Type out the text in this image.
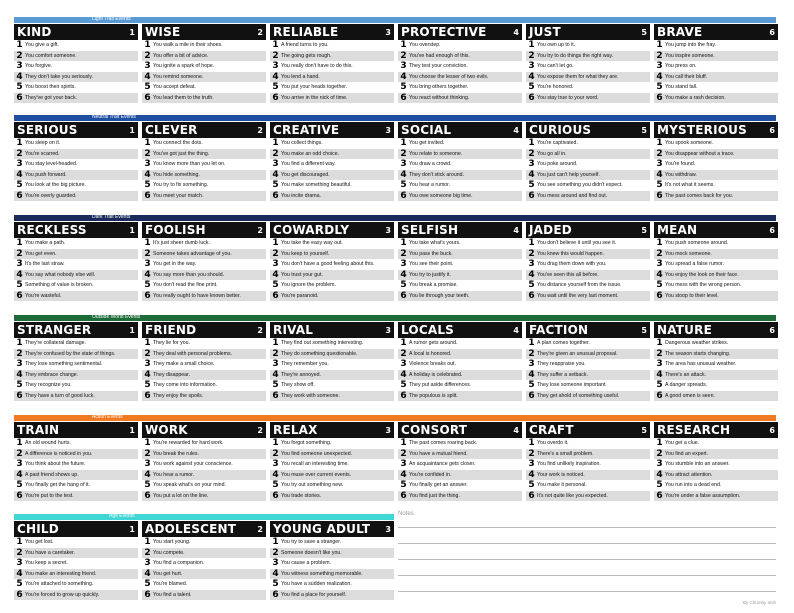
Light Trait Events
KIND	1
1 You give a gift.
2 You comfort someone.
3 You forgive.
4 They don't take you seriously.
5 You boost their spirits.
6 They've got your back.
WISE	2
1 You walk a mile in their shoes.
2 You offer a bit of advice.
3 You ignite a spark of hope.
4 You remind someone.
5 You accept defeat.
6 You lead them to the truth.
RELIABLE	3
1 A friend turns to you.
2 The going gets rough.
3 You really don't have to do this.
4 You lend a hand.
5 You put your heads together.
6 You arrive in the nick of time.
PROTECTIVE	4
1 You overstep.
2 You've had enough of this.
3 They test your conviction.
4 You choose the lesser of two evils.
5 You bring others together.
6 You react without thinking.
JUST	5
1 You own up to it.
2 You try to do things the right way.
3 You can't let go.
4 You expose them for what they are.
5 You're honored.
6 You stay true to your word.
BRAVE	6
1 You jump into the fray.
2 You inspire someone.
3 You press on.
4 You call their bluff.
5 You stand tall.
6 You make a rash decision.
Neutral Trait Events
SERIOUS	1
1 You sleep on it.
2 You're scarred.
3 You stay level-headed.
4 You push forward.
5 You look at the big picture.
6 You're overly guarded.
CLEVER	2
1 You connect the dots.
2 You've got just the thing.
3 You know more than you let on.
4 You hide something.
5 You try to fix something.
6 You meet your match.
CREATIVE	3
1 You collect things.
2 You make an odd choice.
3 You find a different way.
4 You get discouraged.
5 You make something beautiful.
6 You incite drama.
SOCIAL	4
1 You get invited.
2 You relate to someone.
3 You draw a crowd.
4 They don't stick around.
5 You hear a rumor.
6 You owe someone big time.
CURIOUS	5
1 You're captivated.
2 You go all in.
3 You poke around.
4 You just can't help yourself.
5 You see something you didn't expect.
6 You mess around and find out.
MYSTERIOUS	6
1 You spook someone.
2 You disappear without a trace.
3 You're found.
4 You withdraw.
5 It's not what it seems.
6 The past comes back for you.
Dark Trait Events
RECKLESS	1
1 You make a path.
2 You get even.
3 It's the last straw.
4 You say what nobody else will.
5 Something of value is broken.
6 You're wasteful.
FOOLISH	2
1 It's just sheer dumb luck.
2 Someone takes advantage of you.
3 You get in the way.
4 You say more than you should.
5 You don't read the fine print.
6 You really ought to have known better.
COWARDLY	3
1 You take the easy way out.
2 You keep to yourself.
3 You don't have a good feeling about this.
4 You trust your gut.
5 You ignore the problem.
6 You're paranoid.
SELFISH	4
1 You take what's yours.
2 You pass the buck.
3 You see their point.
4 You try to justify it.
5 You break a promise.
6 You lie through your teeth.
JADED	5
1 You don't believe it until you see it.
2 You knew this would happen.
3 You drag them down with you.
4 You've seen this all before.
5 You distance yourself from the issue.
6 You wait until the very last moment.
MEAN	6
1 You push someone around.
2 You mock someone.
3 You spread a false rumor.
4 You enjoy the look on their face.
5 You mess with the wrong person.
6 You stoop to their level.
Outside World Events
STRANGER	1
1 They're collateral damage.
2 They're confused by the state of things.
3 They lose something sentimental.
4 They embrace change.
5 They recognize you.
6 They have a turn of good luck.
FRIEND	2
1 They lie for you.
2 They deal with personal problems.
3 They make a small choice.
4 They disappear.
5 They come into information.
6 They enjoy the spoils.
RIVAL	3
1 They find out something interesting.
2 They do something questionable.
3 They remember you.
4 They're annoyed.
5 They show off.
6 They work with someone.
LOCALS	4
1 A rumor gets around.
2 A local is honored.
3 Violence breaks out.
4 A holiday is celebrated.
5 They put aside differences.
6 The populous is split.
FACTION	5
1 A plan comes together.
2 They're given an unusual proposal.
3 They reappraise you.
4 They suffer a setback.
5 They lose someone important.
6 They get ahold of something useful.
NATURE	6
1 Dangerous weather strikes.
2 The season starts changing.
3 The area has unusual weather.
4 There's an attack.
5 A danger spreads.
6 A good omen is seen.
Action Events
TRAIN	1
1 An old wound hurts.
2 A difference is noticed in you.
3 You think about the future.
4 A past friend shows up.
5 You finally get the hang of it.
6 You're put to the test.
WORK	2
1 You're rewarded for hard work.
2 You break the rules.
3 You work against your conscience.
4 You hear a rumor.
5 You speak what's on your mind.
6 You put a lot on the line.
RELAX	3
1 You forgot something.
2 You find someone unexpected.
3 You recall an interesting time.
4 You muse over current events.
5 You try out something new.
6 You trade stories.
CONSORT	4
1 The past comes roaring back.
2 You have a mutual friend.
3 An acquaintance gets closer.
4 You're confided in.
5 You finally get an answer.
6 You find just the thing.
CRAFT	5
1 You overdo it.
2 There's a small problem.
3 You find unlikely inspiration.
4 Your work is noticed.
5 You make it personal.
6 It's not quite like you expected.
RESEARCH	6
1 You get a clue.
2 You find an expert.
3 You stumble into an answer.
4 You attract attention.
5 You run into a dead end.
6 You're under a false assumption.
Age Events
CHILD	1
1 You get lost.
2 You have a caretaker.
3 You keep a secret.
4 You make an interesting friend.
5 You're attached to something.
6 You're forced to grow up quickly.
ADOLESCENT	2
1 You start young.
2 You compete.
3 You find a companion.
4 You get hurt.
5 You're blamed.
6 You find a talent.
YOUNG ADULT 3
1 You try to save a stranger.
2 Someone doesn't like you.
3 You cause a problem.
4 You witness something memorable.
5 You have a sudden realization.
6 You find a place for yourself.
Notes
By Chumby Irish
